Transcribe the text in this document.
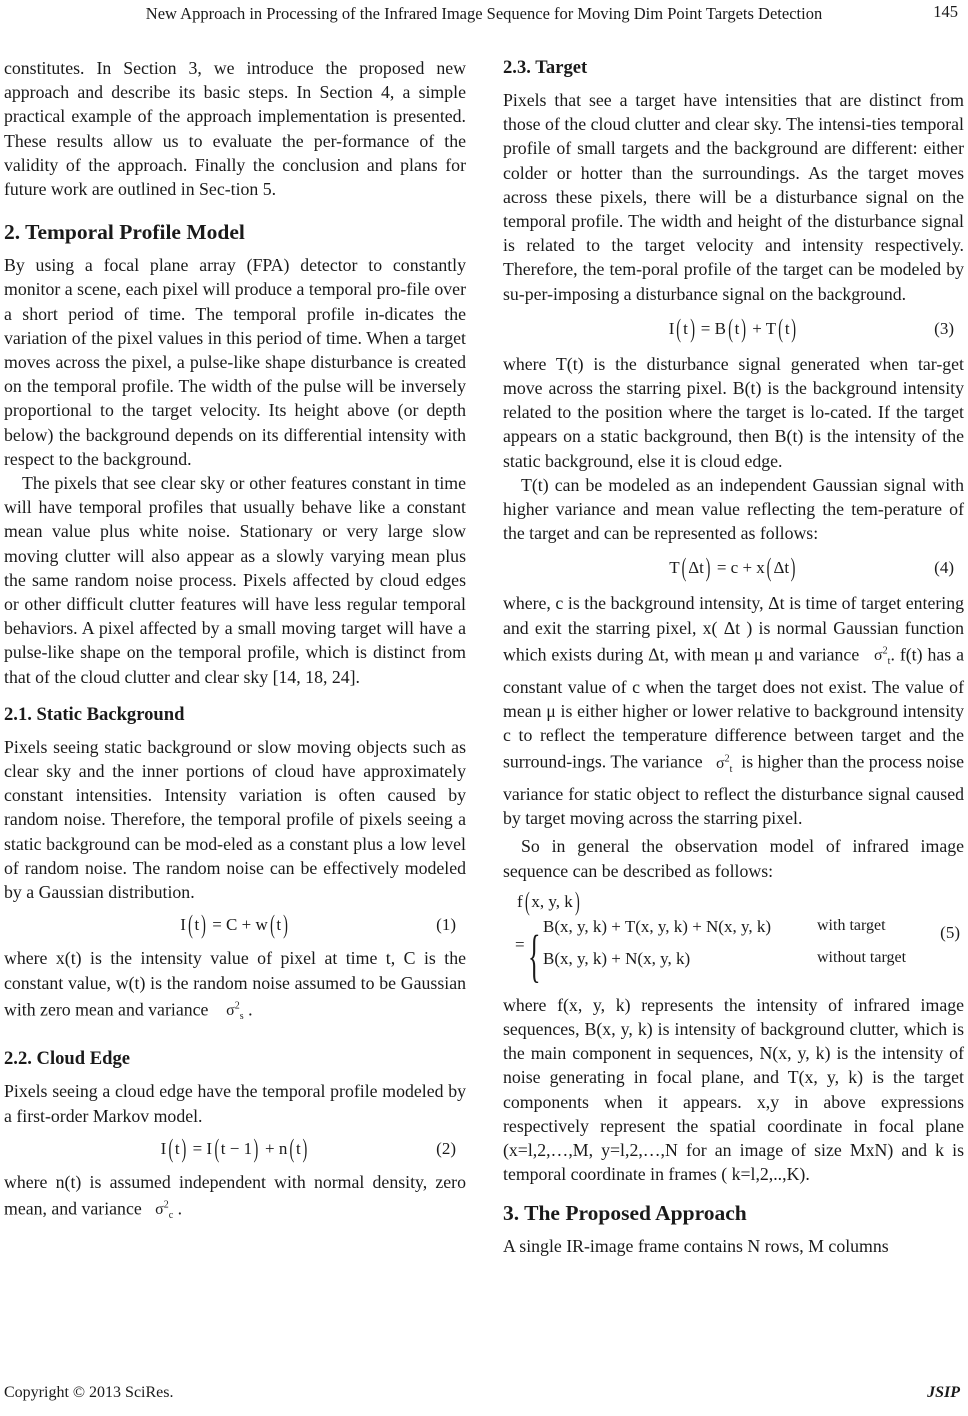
New Approach in Processing of the Infrared Image Sequence for Moving Dim Point Targets Detection	145

constitutes. In Section 3, we introduce the proposed new approach and describe its basic steps. In Section 4, a simple practical example of the approach implementation is presented. These results allow us to evaluate the per-formance of the validity of the approach. Finally the conclusion and plans for future work are outlined in Sec-tion 5.

2. Temporal Profile Model

By using a focal plane array (FPA) detector to constantly monitor a scene, each pixel will produce a temporal pro-file over a short period of time. The temporal profile in-dicates the variation of the pixel values in this period of time. When a target moves across the pixel, a pulse-like shape disturbance is created on the temporal profile. The width of the pulse will be inversely proportional to the target velocity. Its height above (or depth below) the background depends on its differential intensity with respect to the background.

The pixels that see clear sky or other features constant in time will have temporal profiles that usually behave like a constant mean value plus white noise. Stationary or very large slow moving clutter will also appear as a slowly varying mean plus the same random noise process. Pixels affected by cloud edges or other difficult clutter features will have less regular temporal behaviors. A pixel affected by a small moving target will have a pulse-like shape on the temporal profile, which is distinct from that of the cloud clutter and clear sky [14, 18, 24].

2.1. Static Background

Pixels seeing static background or slow moving objects such as clear sky and the inner portions of cloud have approximately constant intensities. Intensity variation is often caused by random noise. Therefore, the temporal profile of pixels seeing a static background can be mod-eled as a constant plus a low level of random noise. The random noise can be effectively modeled by a Gaussian distribution.

I( t) = C + w( t)	(1)

where x(t) is the intensity value of pixel at time t, C is the constant value, w(t) is the random noise assumed to be Gaussian with zero mean and variance $\sigma^2_s$ .

2.2. Cloud Edge

Pixels seeing a cloud edge have the temporal profile modeled by a first-order Markov model.

I( t) = I( t − 1) + n( t)	(2)

where n(t) is assumed independent with normal density, zero mean, and variance $\sigma^2_c$ .

2.3. Target

Pixels that see a target have intensities that are distinct from those of the cloud clutter and clear sky. The intensi-ties temporal profile of small targets and the background are different: either colder or hotter than the surroundings. As the target moves across these pixels, there will be a disturbance signal on the temporal profile. The width and height of the disturbance signal is related to the target velocity and intensity respectively. Therefore, the tem-poral profile of the target can be modeled by su-per-imposing a disturbance signal on the background.

I( t) = B( t) + T( t)	(3)

where T(t) is the disturbance signal generated when tar-get move across the starring pixel. B(t) is the background intensity related to the position where the target is lo-cated. If the target appears on a static background, then B(t) is the intensity of the static background, else it is cloud edge.

T(t) can be modeled as an independent Gaussian signal with higher variance and mean value reflecting the tem-perature of the target and can be represented as follows:

T( Δt) = c + x( Δt)	(4)

where, c is the background intensity, Δt is time of target entering and exit the starring pixel, x( Δt ) is normal Gaussian function which exists during Δt, with mean μ and variance $\sigma^2_t$. f(t) has a constant value of c when the target does not exist. The value of mean μ is either higher or lower relative to background intensity c to reflect the temperature difference between target and the surround-ings. The variance $\sigma^2_t$ is higher than the process noise variance for static object to reflect the disturbance signal caused by target moving across the starring pixel.

So in general the observation model of infrared image sequence can be described as follows:

f( x, y, k)
= { B(x, y, k) + T(x, y, k) + N(x, y, k)	with target
B(x, y, k) + N(x, y, k)	without target
(5)

where f(x, y, k) represents the intensity of infrared image sequences, B(x, y, k) is intensity of background clutter, which is the main component in sequences, N(x, y, k) is the intensity of noise generating in focal plane, and T(x, y, k) is the target components when it appears. x,y in above expressions respectively represent the spatial coordinate in focal plane (x=l,2,…,M, y=l,2,…,N for an image of size MxN) and k is temporal coordinate in frames ( k=l,2,..,K).

3. The Proposed Approach

A single IR-image frame contains N rows, M columns

Copyright © 2013 SciRes.	JSIP
